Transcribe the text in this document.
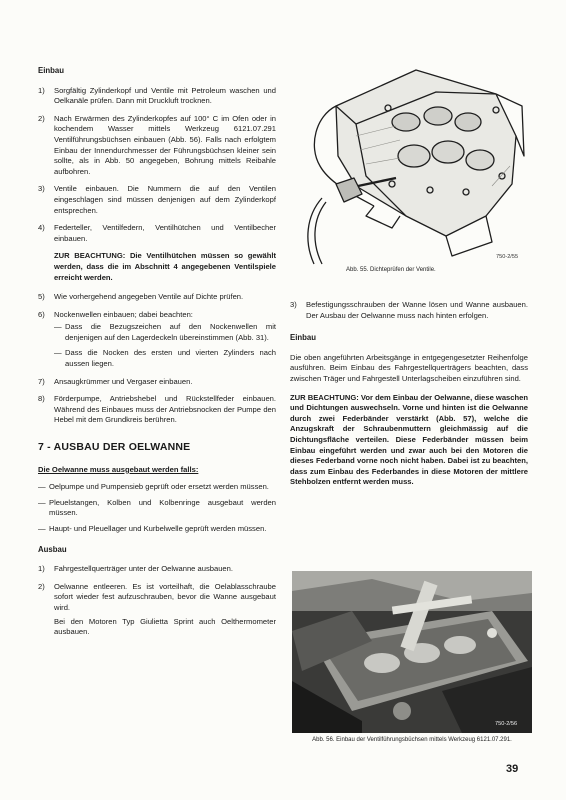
Einbau
1) Sorgfältig Zylinderkopf und Ventile mit Petroleum waschen und Oelkanäle prüfen. Dann mit Druckluft trocknen.
2) Nach Erwärmen des Zylinderkopfes auf 100° C im Ofen oder in kochendem Wasser mittels Werkzeug 6121.07.291 Ventilführungsbüchsen einbauen (Abb. 56). Falls nach erfolgtem Einbau der Innendurchmesser der Führungsbüchsen kleiner sein sollte, als in Abb. 50 angegeben, Bohrung mittels Reibahle aufbohren.
3) Ventile einbauen. Die Nummern die auf den Ventilen eingeschlagen sind müssen denjenigen auf dem Zylinderkopf entsprechen.
4) Federteller, Ventilfedern, Ventilhütchen und Ventilbecher einbauen.
ZUR BEACHTUNG: Die Ventilhütchen müssen so gewählt werden, dass die im Abschnitt 4 angegebenen Ventilspiele erreicht werden.
5) Wie vorhergehend angegeben Ventile auf Dichte prüfen.
6) Nockenwellen einbauen; dabei beachten:
— Dass die Bezugszeichen auf den Nockenwellen mit denjenigen auf den Lagerdeckeln übereinstimmen (Abb. 31).
— Dass die Nocken des ersten und vierten Zylinders nach aussen liegen.
7) Ansaugkrümmer und Vergaser einbauen.
8) Förderpumpe, Antriebshebel und Rückstellfeder einbauen. Während des Einbaues muss der Antriebsnocken der Pumpe den Hebel mit dem Grundkreis berühren.
7 - AUSBAU DER OELWANNE
Die Oelwanne muss ausgebaut werden falls:
— Oelpumpe und Pumpensieb geprüft oder ersetzt werden müssen.
— Pleuelstangen, Kolben und Kolbenringe ausgebaut werden müssen.
— Haupt- und Pleuellager und Kurbelwelle geprüft werden müssen.
Ausbau
1) Fahrgestellquerträger unter der Oelwanne ausbauen.
2) Oelwanne entleeren. Es ist vorteilhaft, die Oelablasschraube sofort wieder fest aufzuschrauben, bevor die Wanne ausgebaut wird.
Bei den Motoren Typ Giulietta Sprint auch Oelthermometer ausbauen.
750-2/55
Abb. 55. Dichteprüfen der Ventile.
3) Befestigungsschrauben der Wanne lösen und Wanne ausbauen. Der Ausbau der Oelwanne muss nach hinten erfolgen.
Einbau
Die oben angeführten Arbeitsgänge in entgegengesetzter Reihenfolge ausführen. Beim Einbau des Fahrgestellquerträgers beachten, dass zwischen Träger und Fahrgestell Unterlagscheiben einzuführen sind.
ZUR BEACHTUNG: Vor dem Einbau der Oelwanne, diese waschen und Dichtungen auswechseln. Vorne und hinten ist die Oelwanne durch zwei Federbänder verstärkt (Abb. 57), welche die Anzugskraft der Schraubenmuttern gleichmässig auf die Dichtungsfläche verteilen. Diese Federbänder müssen beim Einbau eingeführt werden und zwar auch bei den Motoren die dieses Federband vorne noch nicht haben. Dabei ist zu beachten, dass zum Einbau des Federbandes in diese Motoren der mittlere Stehbolzen entfernt werden muss.
750-2/56
Abb. 56. Einbau der Ventilführungsbüchsen mittels Werkzeug 6121.07.291.
39
